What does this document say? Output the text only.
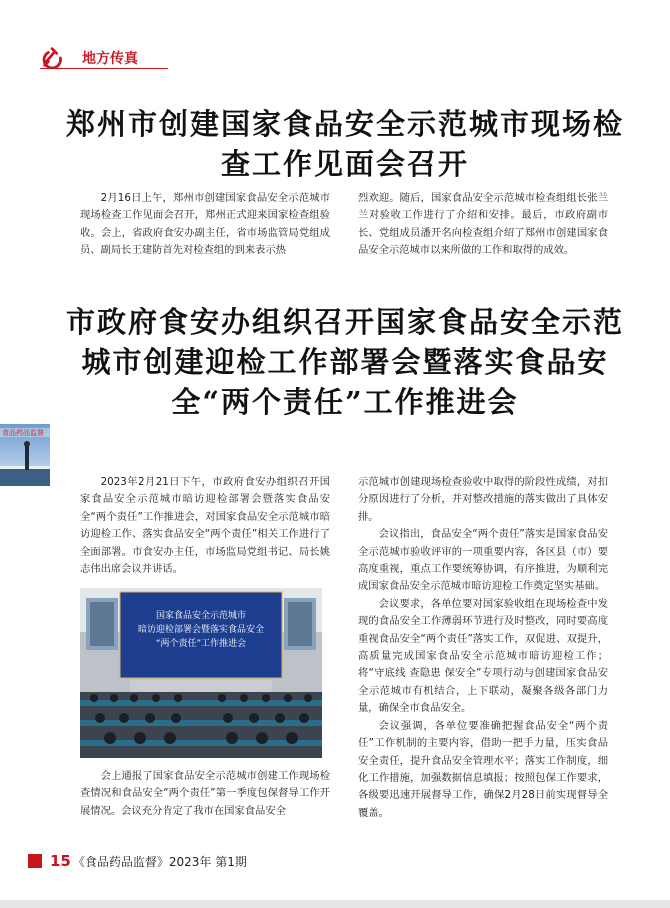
地方传真
郑州市创建国家食品安全示范城市现场检查工作见面会召开

2月16日上午，郑州市创建国家食品安全示范城市现场检查工作见面会召开，郑州正式迎来国家检查组验收。会上，省政府食安办副主任，省市场监管局党组成员、副局长王建防首先对检查组的到来表示热

烈欢迎。随后，国家食品安全示范城市检查组组长张兰兰对验收工作进行了介绍和安排。最后，市政府副市长、党组成员潘开名向检查组介绍了郑州市创建国家食品安全示范城市以来所做的工作和取得的成效。

食品药品监督
市政府食安办组织召开国家食品安全示范城市创建迎检工作部署会暨落实食品安全“两个责任”工作推进会

2023年2月21日下午，市政府食安办组织召开国家食品安全示范城市暗访迎检部署会暨落实食品安全“两个责任”工作推进会，对国家食品安全示范城市暗访迎检工作、落实食品安全“两个责任”相关工作进行了全面部署。市食安办主任，市场监局党组书记、局长姚志伟出席会议并讲话。

国家食品安全示范城市
暗访迎检部署会暨落实食品安全
“两个责任”工作推进会

会上通报了国家食品安全示范城市创建工作现场检查情况和食品安全“两个责任”第一季度包保督导工作开展情况。会议充分肯定了我市在国家食品安全

示范城市创建现场检查验收中取得的阶段性成绩，对扣分原因进行了分析，并对整改措施的落实做出了具体安排。

会议指出，食品安全“两个责任”落实是国家食品安全示范城市验收评审的一项重要内容，各区县（市）要高度重视，重点工作要统筹协调，有序推进，为顺利完成国家食品安全示范城市暗访迎检工作奠定坚实基础。

会议要求，各单位要对国家验收组在现场检查中发现的食品安全工作薄弱环节进行及时整改，同时要高度重视食品安全“两个责任”落实工作，双促进、双提升，高质量完成国家食品安全示范城市暗访迎检工作；将“守底线 查隐患 保安全”专项行动与创建国家食品安全示范城市有机结合，上下联动，凝聚各级各部门力量，确保全市食品安全。

会议强调，各单位要准确把握食品安全“两个责任”工作机制的主要内容，借助一把手力量，压实食品安全责任，提升食品安全管理水平；落实工作制度，细化工作措施，加强数据信息填报；按照包保工作要求，各级要迅速开展督导工作，确保2月28日前实现督导全覆盖。

15 《食品药品监督》2023年 第1期
